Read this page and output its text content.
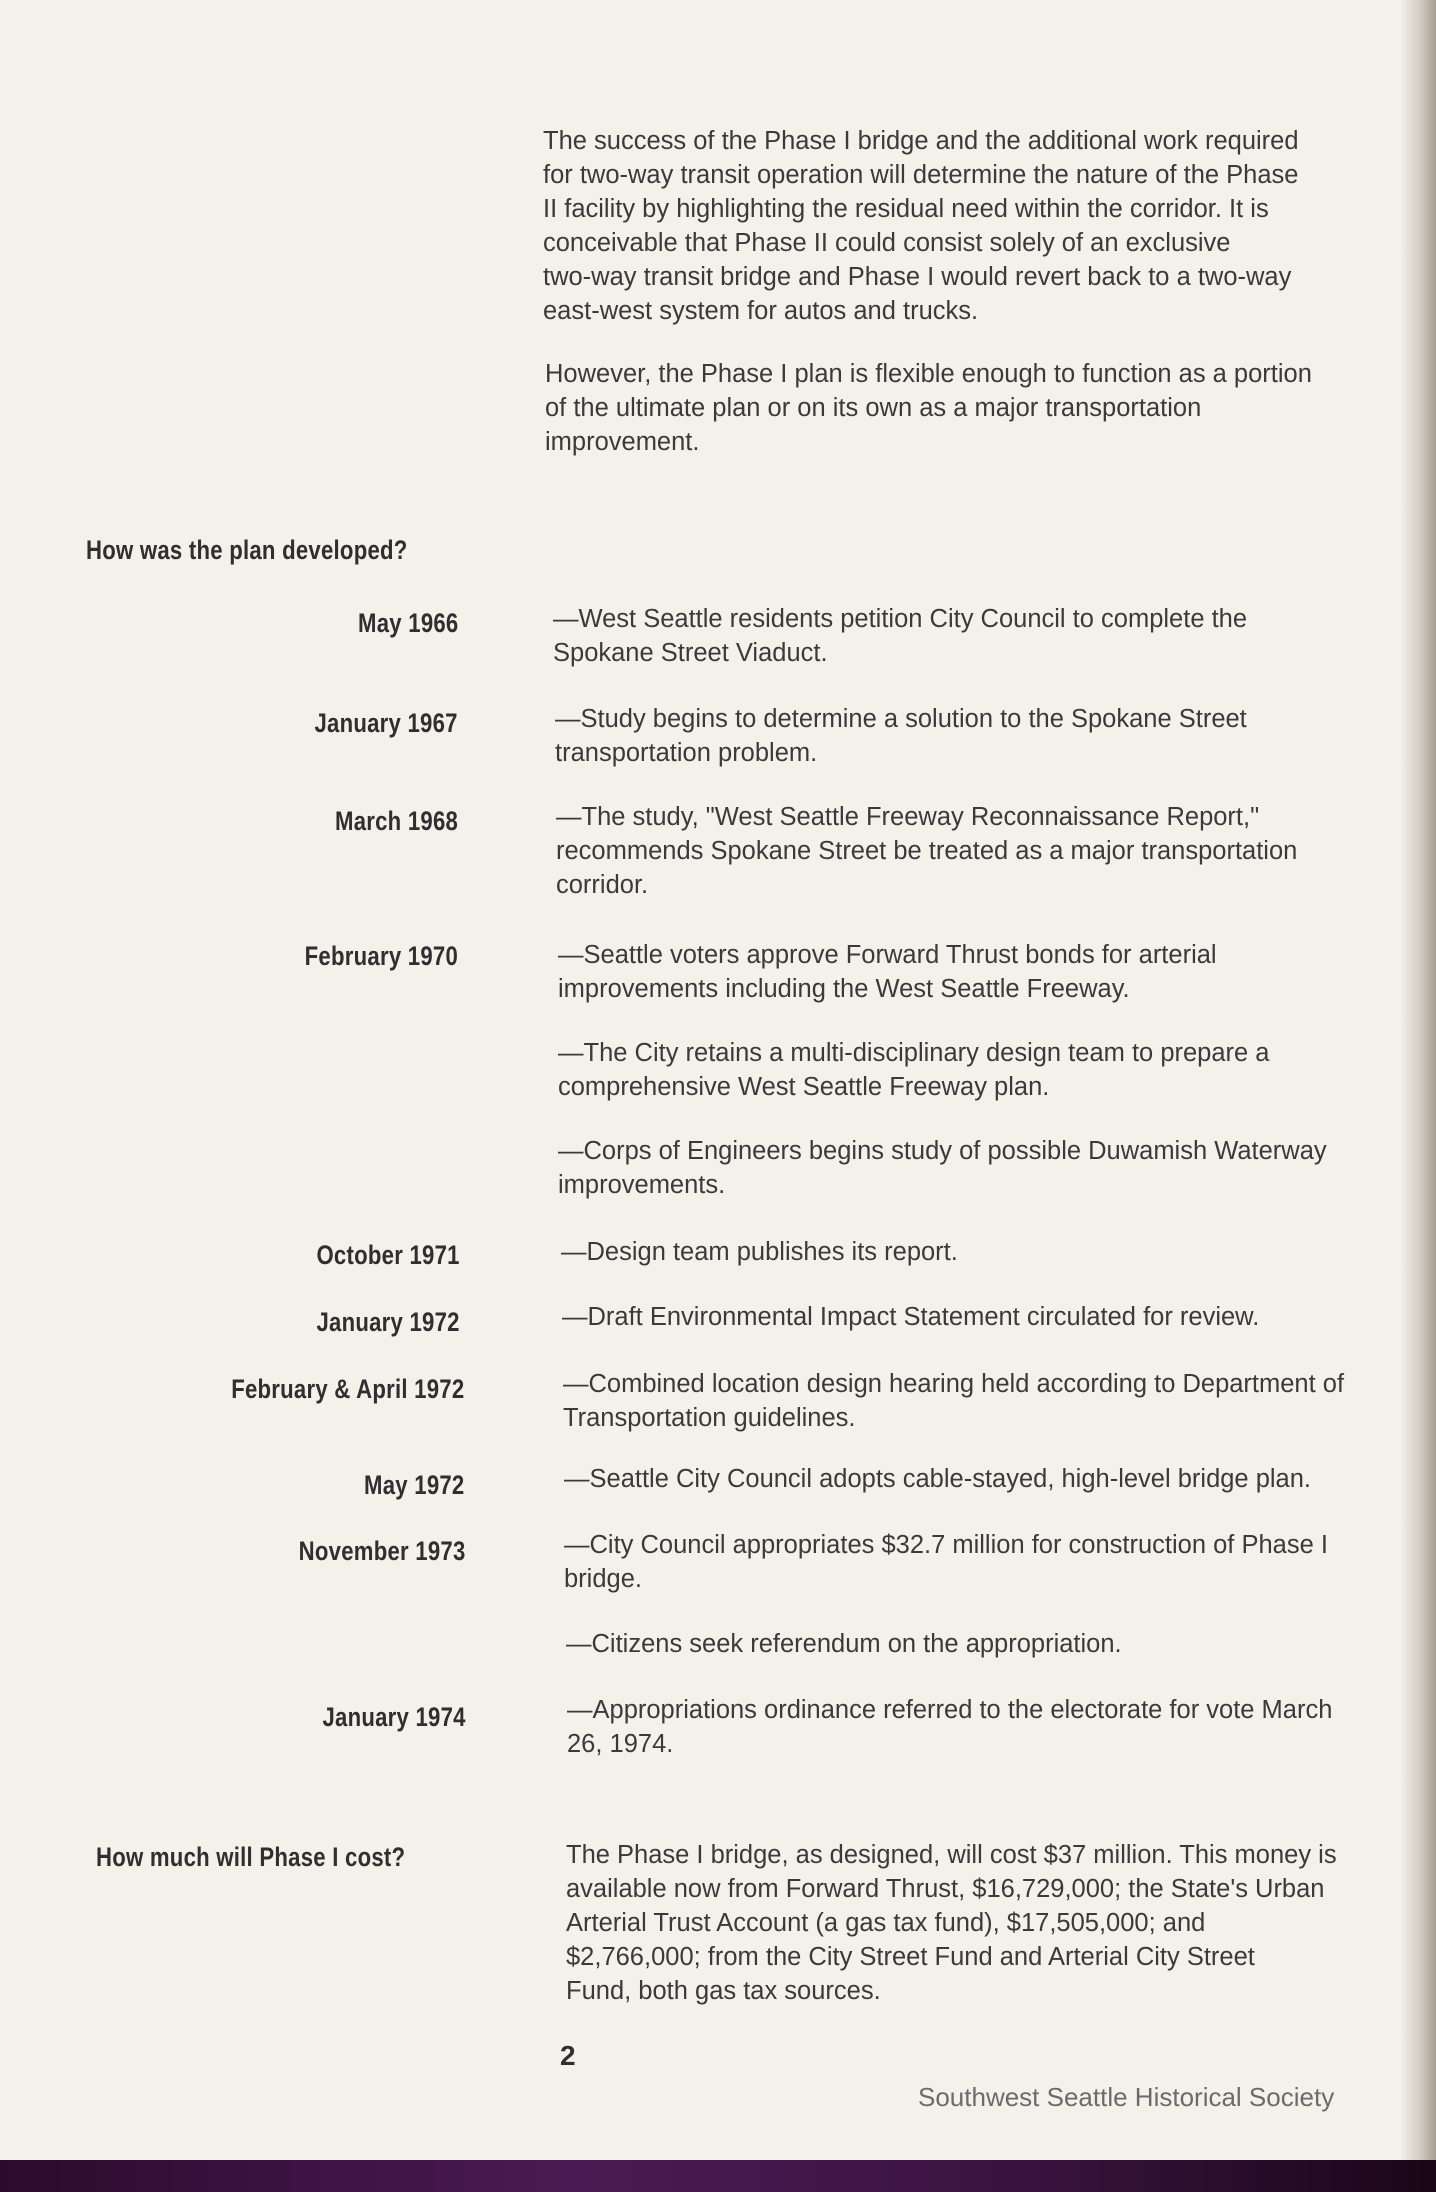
The success of the Phase I bridge and the additional work required
for two-way transit operation will determine the nature of the Phase
II facility by highlighting the residual need within the corridor. It is
conceivable that Phase II could consist solely of an exclusive
two-way transit bridge and Phase I would revert back to a two-way
east-west system for autos and trucks.
However, the Phase I plan is flexible enough to function as a portion
of the ultimate plan or on its own as a major transportation
improvement.
How was the plan developed?
May 1966
January 1967
March 1968
February 1970
October 1971
January 1972
February & April 1972
May 1972
November 1973
January 1974
—West Seattle residents petition City Council to complete the
Spokane Street Viaduct.
—Study begins to determine a solution to the Spokane Street
transportation problem.
—The study, "West Seattle Freeway Reconnaissance Report,"
recommends Spokane Street be treated as a major transportation
corridor.
—Seattle voters approve Forward Thrust bonds for arterial
improvements including the West Seattle Freeway.
—The City retains a multi-disciplinary design team to prepare a
comprehensive West Seattle Freeway plan.
—Corps of Engineers begins study of possible Duwamish Waterway
improvements.
—Design team publishes its report.
—Draft Environmental Impact Statement circulated for review.
—Combined location design hearing held according to Department of
Transportation guidelines.
—Seattle City Council adopts cable-stayed, high-level bridge plan.
—City Council appropriates $32.7 million for construction of Phase I
bridge.
—Citizens seek referendum on the appropriation.
—Appropriations ordinance referred to the electorate for vote March
26, 1974.
How much will Phase I cost?	The Phase I bridge, as designed, will cost $37 million. This money is
available now from Forward Thrust, $16,729,000; the State's Urban
Arterial Trust Account (a gas tax fund), $17,505,000; and
$2,766,000; from the City Street Fund and Arterial City Street
Fund, both gas tax sources.
2
Southwest Seattle Historical Society
